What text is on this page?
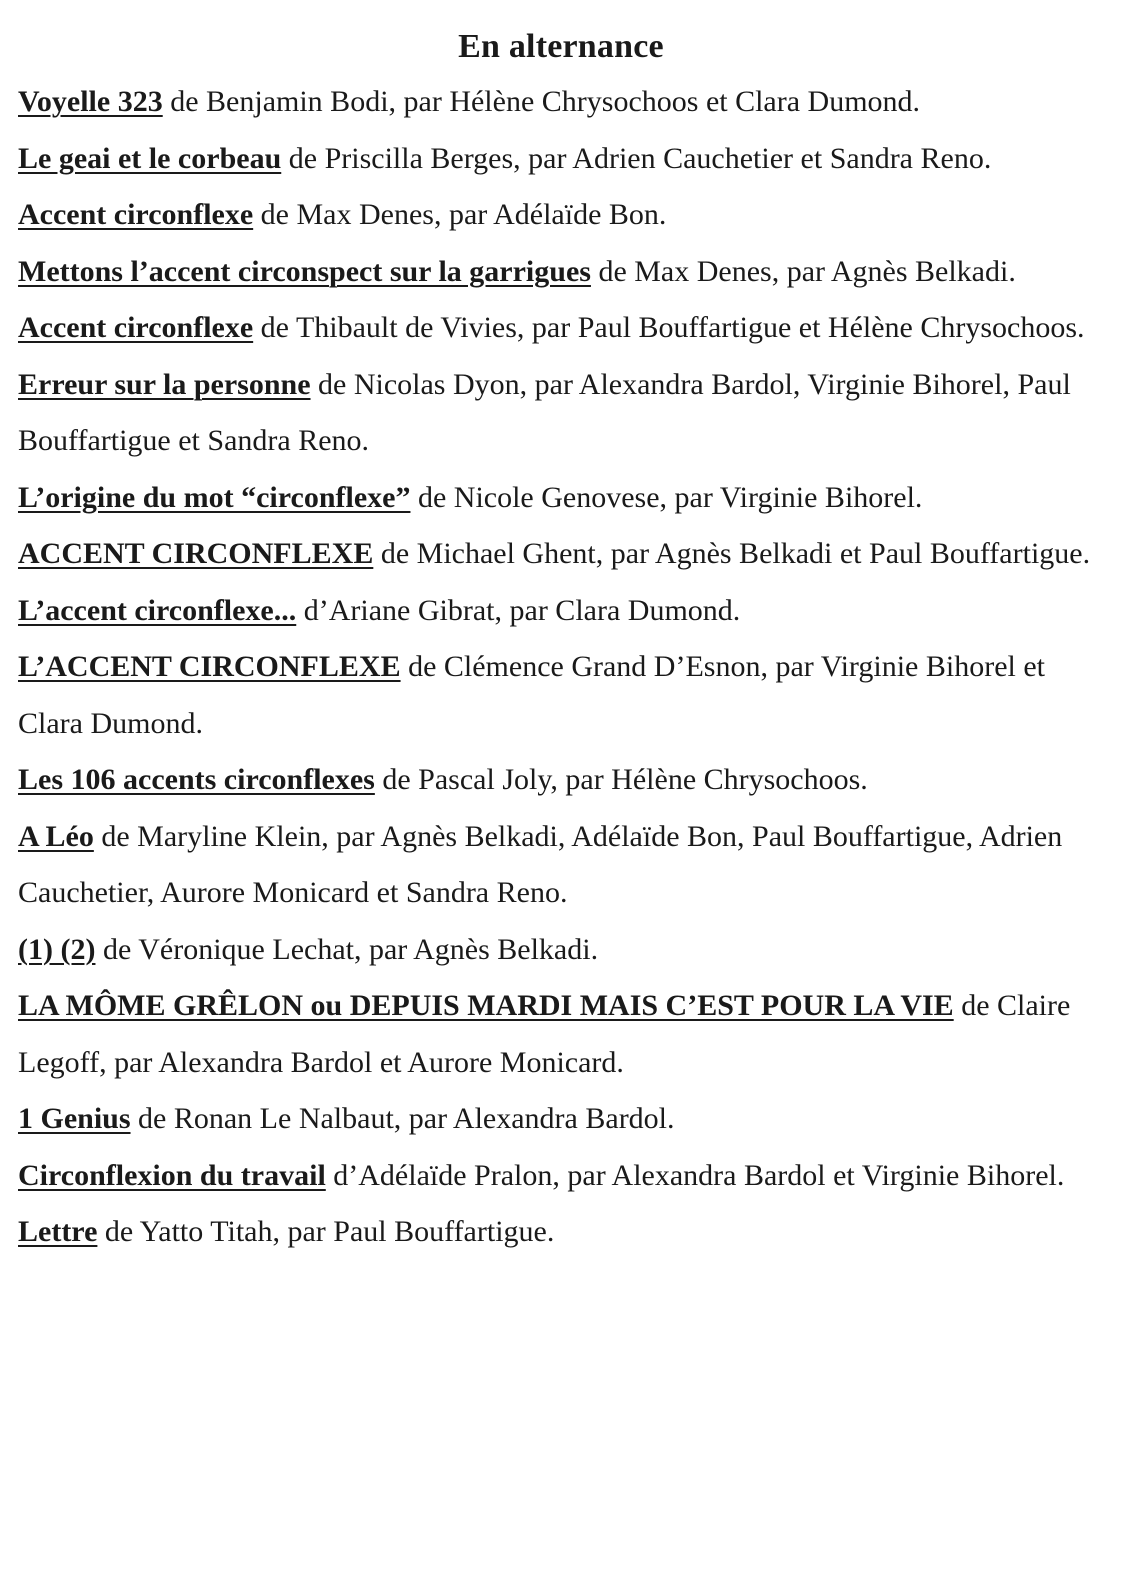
En alternance

Voyelle 323 de Benjamin Bodi, par Hélène Chrysochoos et Clara Dumond.

Le geai et le corbeau de Priscilla Berges, par Adrien Cauchetier et Sandra Reno.

Accent circonflexe de Max Denes, par Adélaïde Bon.

Mettons l’accent circonspect sur la garrigues de Max Denes, par Agnès Belkadi.

Accent circonflexe de Thibault de Vivies, par Paul Bouffartigue et Hélène Chrysochoos.

Erreur sur la personne de Nicolas Dyon, par Alexandra Bardol, Virginie Bihorel, Paul Bouffartigue et Sandra Reno.

L’origine du mot “circonflexe” de Nicole Genovese, par Virginie Bihorel.

ACCENT CIRCONFLEXE de Michael Ghent, par Agnès Belkadi et Paul Bouffartigue.

L’accent circonflexe... d’Ariane Gibrat, par Clara Dumond.

L’ACCENT CIRCONFLEXE de Clémence Grand D’Esnon, par Virginie Bihorel et Clara Dumond.

Les 106 accents circonflexes de Pascal Joly, par Hélène Chrysochoos.

A Léo de Maryline Klein, par Agnès Belkadi, Adélaïde Bon, Paul Bouffartigue, Adrien Cauchetier, Aurore Monicard et Sandra Reno.

(1) (2) de Véronique Lechat, par Agnès Belkadi.

LA MÔME GRÊLON ou DEPUIS MARDI MAIS C’EST POUR LA VIE de Claire Legoff, par Alexandra Bardol et Aurore Monicard.

1 Genius de Ronan Le Nalbaut, par Alexandra Bardol.

Circonflexion du travail d’Adélaïde Pralon, par Alexandra Bardol et Virginie Bihorel.

Lettre de Yatto Titah, par Paul Bouffartigue.
